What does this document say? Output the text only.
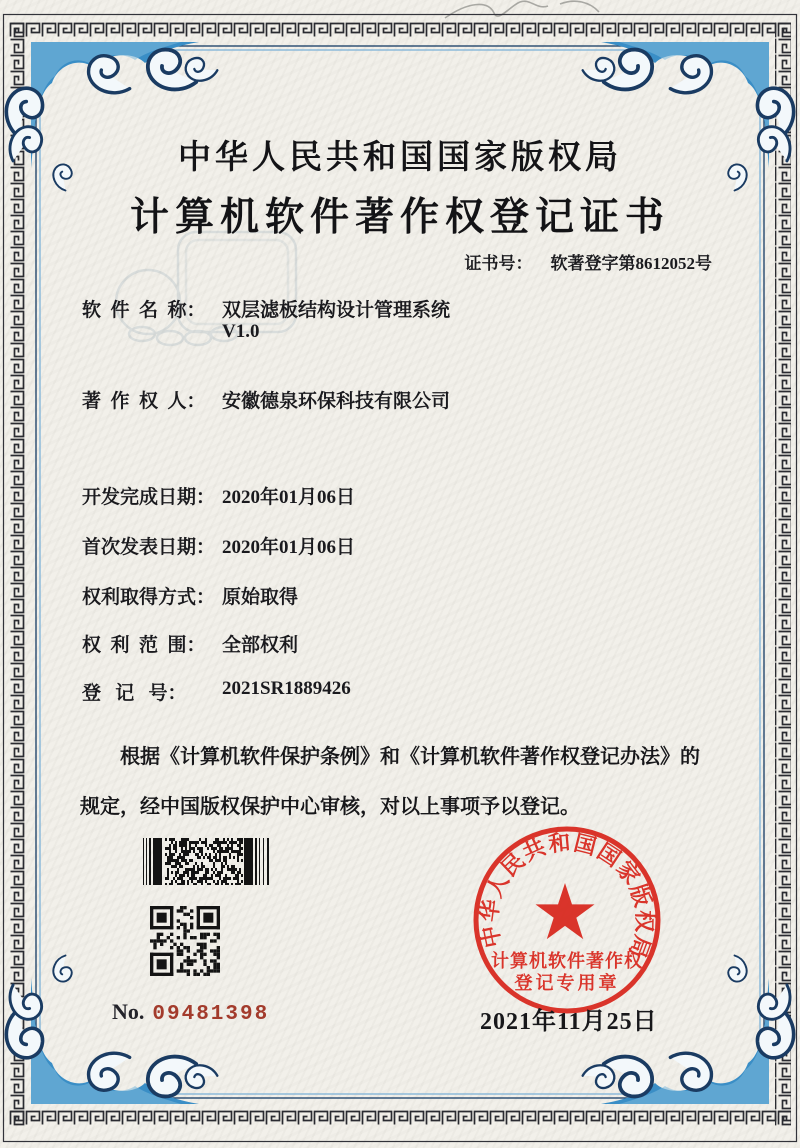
中华人民共和国国家版权局
计算机软件著作权登记证书
证书号： 软著登字第8612052号
软  件  名  称： 双层滤板结构设计管理系统
V1.0
著  作  权  人： 安徽德泉环保科技有限公司
开发完成日期： 2020年01月06日
首次发表日期： 2020年01月06日
权利取得方式： 原始取得
权  利  范  围： 全部权利
登   记   号： 2021SR1889426
根据《计算机软件保护条例》和《计算机软件著作权登记办法》的
规定，经中国版权保护中心审核，对以上事项予以登记。
中华人民共和国国家版权局
计算机软件著作权
登记专用章
No. 09481398	2021年11月25日
